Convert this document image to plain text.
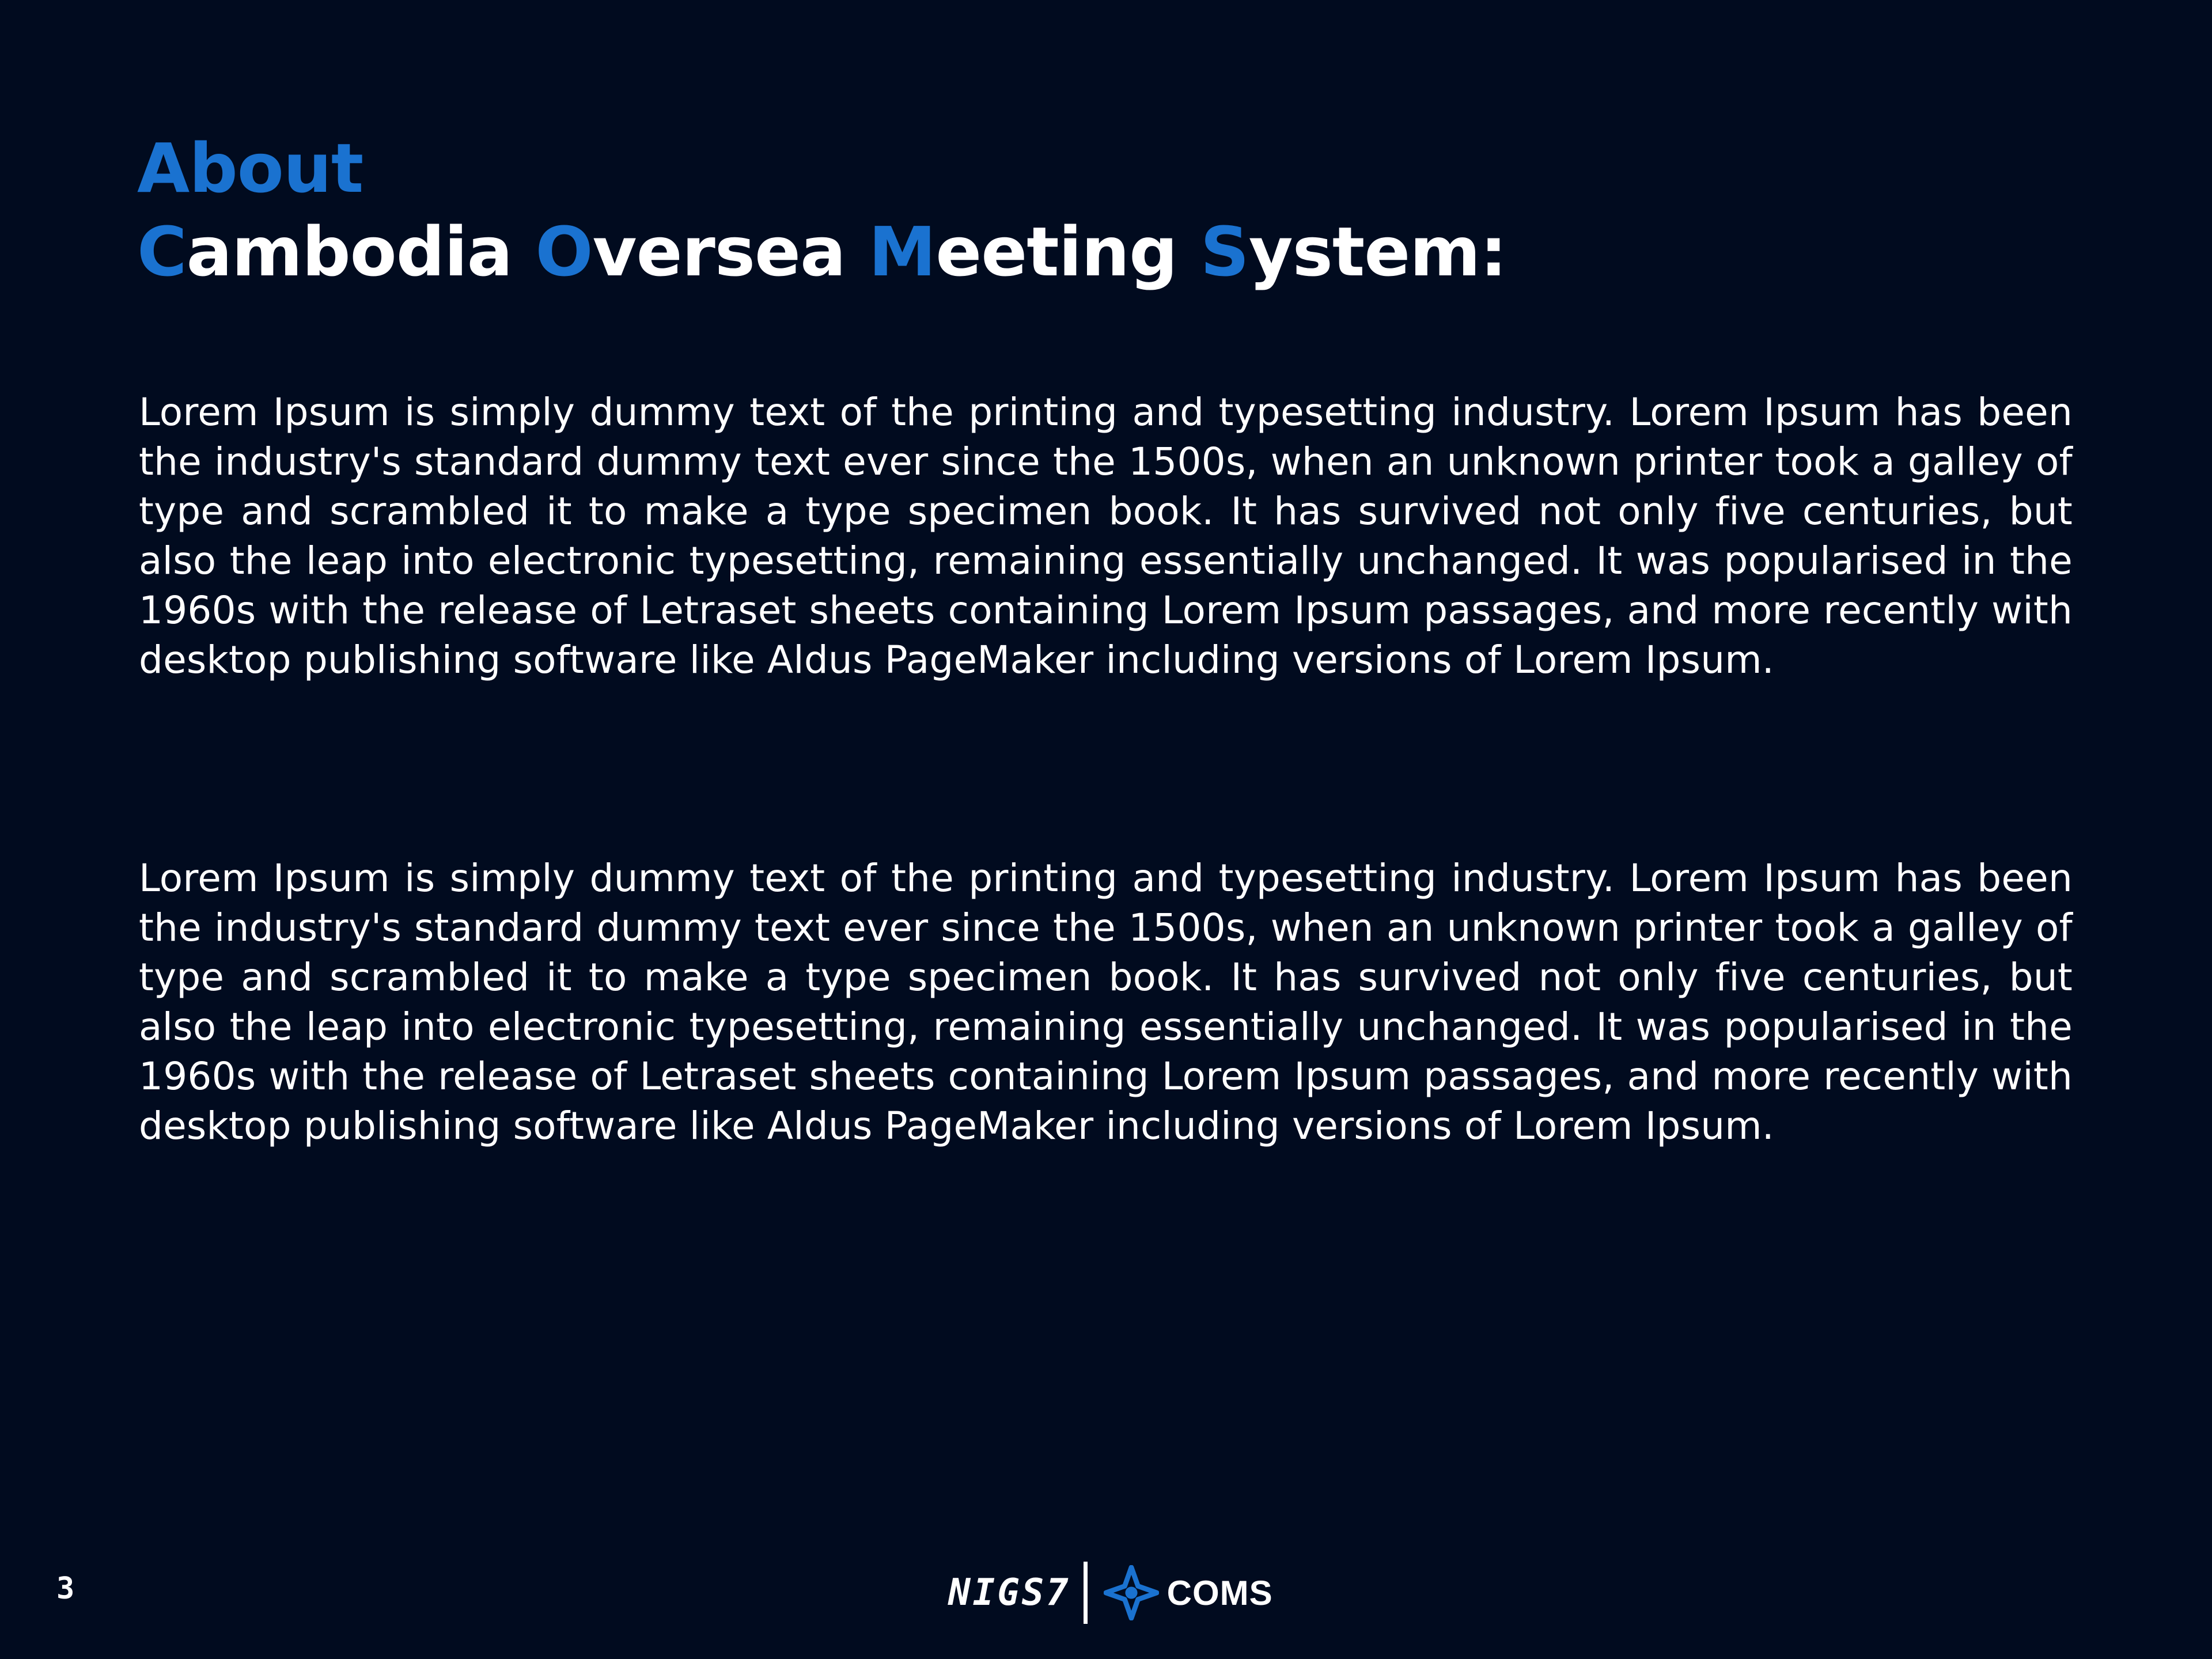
About
Cambodia Oversea Meeting System:

Lorem Ipsum is simply dummy text of the printing and typesetting industry. Lorem Ipsum has been the industry's standard dummy text ever since the 1500s, when an unknown printer took a galley of type and scrambled it to make a type specimen book. It has survived not only five centuries, but also the leap into electronic typesetting, remaining essentially unchanged. It was popularised in the 1960s with the release of Letraset sheets containing Lorem Ipsum passages, and more recently with desktop publishing software like Aldus PageMaker including versions of Lorem Ipsum.

Lorem Ipsum is simply dummy text of the printing and typesetting industry. Lorem Ipsum has been the industry's standard dummy text ever since the 1500s, when an unknown printer took a galley of type and scrambled it to make a type specimen book. It has survived not only five centuries, but also the leap into electronic typesetting, remaining essentially unchanged. It was popularised in the 1960s with the release of Letraset sheets containing Lorem Ipsum passages, and more recently with desktop publishing software like Aldus PageMaker including versions of Lorem Ipsum.

3	NIGS7	COMS
